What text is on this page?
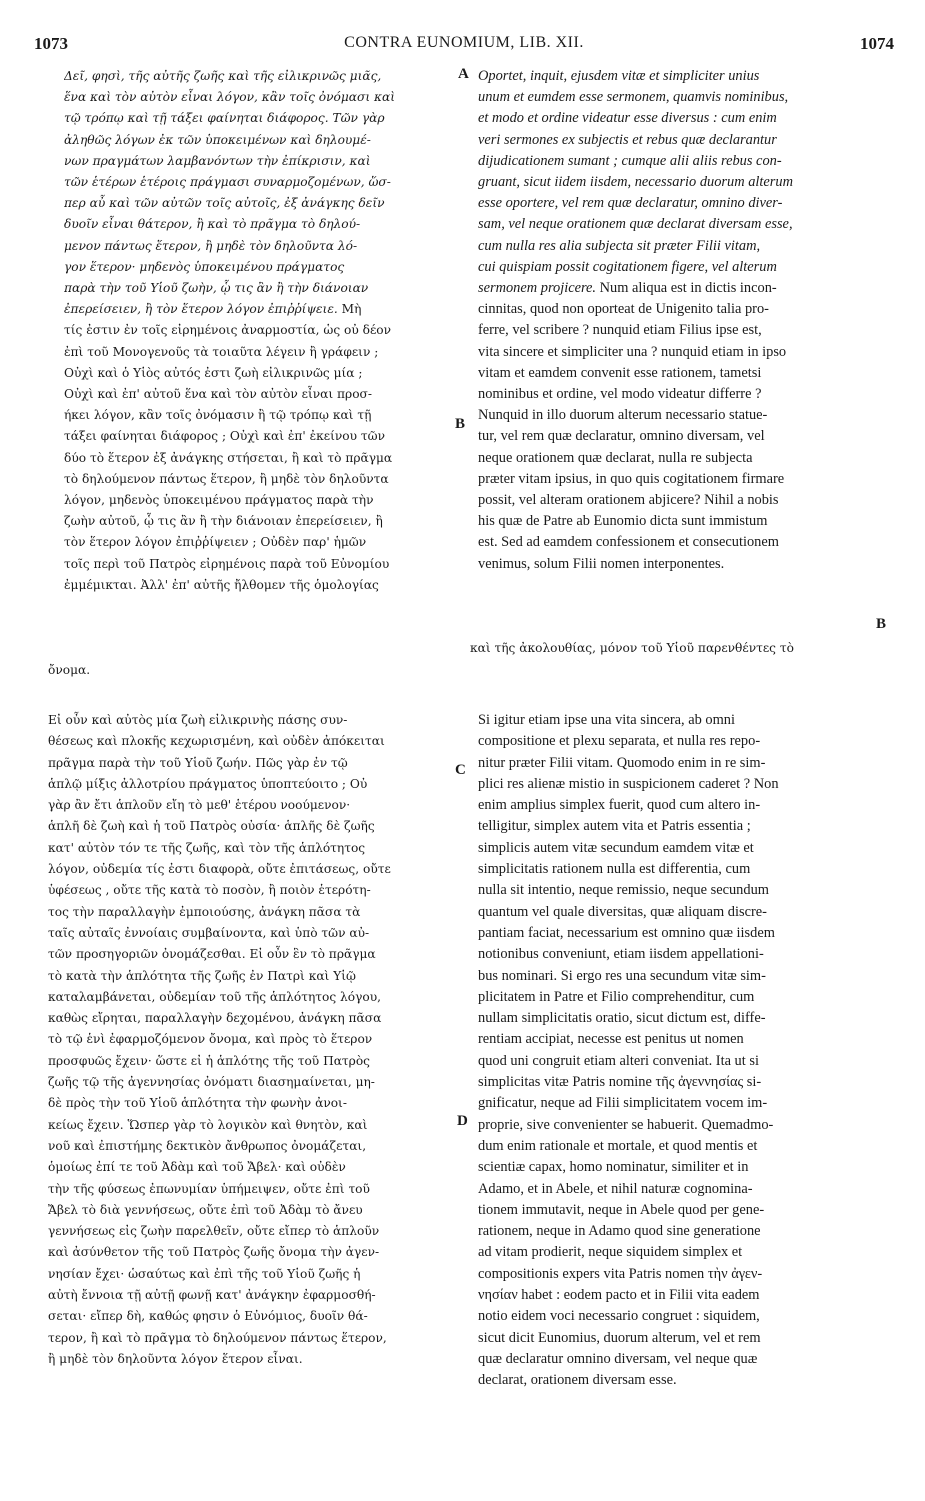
1073	CONTRA EUNOMIUM, LIB. XII.	1074
A
B
B
C
D
Δεῖ, φησὶ, τῆς αὐτῆς ζωῆς καὶ τῆς εἰλικρινῶς μιᾶς,
ἕνα καὶ τὸν αὐτὸν εἶναι λόγον, κἂν τοῖς ὀνόμασι καὶ
τῷ τρόπῳ καὶ τῇ τάξει φαίνηται διάφορος. Τῶν γὰρ
ἀληθῶς λόγων ἐκ τῶν ὑποκειμένων καὶ δηλουμέ-
νων πραγμάτων λαμβανόντων τὴν ἐπίκρισιν, καὶ
τῶν ἑτέρων ἑτέροις πράγμασι συναρμοζομένων, ὥσ-
περ αὖ καὶ τῶν αὐτῶν τοῖς αὐτοῖς, ἐξ ἀνάγκης δεῖν
δυοῖν εἶναι θάτερον, ἢ καὶ τὸ πρᾶγμα τὸ δηλού-
μενον πάντως ἕτερον, ἢ μηδὲ τὸν δηλοῦντα λό-
γον ἕτερον· μηδενὸς ὑποκειμένου πράγματος
παρὰ τὴν τοῦ Υἱοῦ ζωὴν, ᾧ τις ἂν ἢ τὴν διάνοιαν
ἐπερείσειεν, ἢ τὸν ἕτερον λόγον ἐπιῤῥίψειε. Μὴ
τίς ἐστιν ἐν τοῖς εἰρημένοις ἀναρμοστία, ὡς οὐ δέον
ἐπὶ τοῦ Μονογενοῦς τὰ τοιαῦτα λέγειν ἢ γράφειν ;
Οὐχὶ καὶ ὁ Υἱὸς αὐτός ἐστι ζωὴ εἰλικρινῶς μία ;
Οὐχὶ καὶ ἐπ' αὐτοῦ ἕνα καὶ τὸν αὐτὸν εἶναι προσ-
ήκει λόγον, κἂν τοῖς ὀνόμασιν ἢ τῷ τρόπῳ καὶ τῇ
τάξει φαίνηται διάφορος ; Οὐχὶ καὶ ἐπ' ἐκείνου τῶν
δύο τὸ ἕτερον ἐξ ἀνάγκης στήσεται, ἢ καὶ τὸ πρᾶγμα
τὸ δηλούμενον πάντως ἕτερον, ἢ μηδὲ τὸν δηλοῦντα
λόγον, μηδενὸς ὑποκειμένου πράγματος παρὰ τὴν
ζωὴν αὐτοῦ, ᾧ τις ἂν ἢ τὴν διάνοιαν ἐπερείσειεν, ἢ
τὸν ἕτερον λόγον ἐπιῤῥίψειεν ; Οὐδὲν παρ' ἡμῶν
τοῖς περὶ τοῦ Πατρὸς εἰρημένοις παρὰ τοῦ Εὐνομίου
ἐμμέμικται. Ἀλλ' ἐπ' αὐτῆς ἤλθομεν τῆς ὁμολογίας
Oportet, inquit, ejusdem vitæ et simpliciter unius
unum et eumdem esse sermonem, quamvis nominibus,
et modo et ordine videatur esse diversus : cum enim
veri sermones ex subjectis et rebus quæ declarantur
dijudicationem sumant ; cumque alii aliis rebus con-
gruant, sicut iidem iisdem, necessario duorum alterum
esse oportere, vel rem quæ declaratur, omnino diver-
sam, vel neque orationem quæ declarat diversam esse,
cum nulla res alia subjecta sit præter Filii vitam,
cui quispiam possit cogitationem figere, vel alterum
sermonem projicere. Num aliqua est in dictis incon-
cinnitas, quod non oporteat de Unigenito talia pro-
ferre, vel scribere ? nunquid etiam Filius ipse est,
vita sincere et simpliciter una ? nunquid etiam in ipso
vitam et eamdem convenit esse rationem, tametsi
nominibus et ordine, vel modo videatur differre ?
Nunquid in illo duorum alterum necessario statue-
tur, vel rem quæ declaratur, omnino diversam, vel
neque orationem quæ declarat, nulla re subjecta
præter vitam ipsius, in quo quis cogitationem firmare
possit, vel alteram orationem abjicere? Nihil a nobis
his quæ de Patre ab Eunomio dicta sunt immistum
est. Sed ad eamdem confessionem et consecutionem
venimus, solum Filii nomen interponentes.
καὶ τῆς ἀκολουθίας, μόνον τοῦ Υἱοῦ παρενθέντες τὸ
ὄνομα.
Εἰ οὖν καὶ αὐτὸς μία ζωὴ εἰλικρινὴς πάσης συν-
θέσεως καὶ πλοκῆς κεχωρισμένη, καὶ οὐδὲν ἀπόκειται
πρᾶγμα παρὰ τὴν τοῦ Υἱοῦ ζωήν. Πῶς γὰρ ἐν τῷ
ἁπλῷ μίξις ἀλλοτρίου πράγματος ὑποπτεύοιτο ; Οὐ
γὰρ ἂν ἔτι ἁπλοῦν εἴη τὸ μεθ' ἑτέρου νοούμενον·
ἁπλῆ δὲ ζωὴ καὶ ἡ τοῦ Πατρὸς οὐσία· ἁπλῆς δὲ ζωῆς
κατ' αὐτὸν τόν τε τῆς ζωῆς, καὶ τὸν τῆς ἁπλότητος
λόγον, οὐδεμία τίς ἐστι διαφορὰ, οὔτε ἐπιτάσεως, οὔτε
ὑφέσεως , οὔτε τῆς κατὰ τὸ ποσὸν, ἢ ποιὸν ἑτερότη-
τος τὴν παραλλαγὴν ἐμποιούσης, ἀνάγκη πᾶσα τὰ
ταῖς αὐταῖς ἐννοίαις συμβαίνοντα, καὶ ὑπὸ τῶν αὐ-
τῶν προσηγοριῶν ὀνομάζεσθαι. Εἰ οὖν ἓν τὸ πρᾶγμα
τὸ κατὰ τὴν ἁπλότητα τῆς ζωῆς ἐν Πατρὶ καὶ Υἱῷ
καταλαμβάνεται, οὐδεμίαν τοῦ τῆς ἁπλότητος λόγου,
καθὼς εἴρηται, παραλλαγὴν δεχομένου, ἀνάγκη πᾶσα
τὸ τῷ ἑνὶ ἐφαρμοζόμενον ὄνομα, καὶ πρὸς τὸ ἕτερον
προσφυῶς ἔχειν· ὥστε εἰ ἡ ἁπλότης τῆς τοῦ Πατρὸς
ζωῆς τῷ τῆς ἀγεννησίας ὀνόματι διασημαίνεται, μη-
δὲ πρὸς τὴν τοῦ Υἱοῦ ἁπλότητα τὴν φωνὴν ἀνοι-
κείως ἔχειν. Ὥσπερ γὰρ τὸ λογικὸν καὶ θνητὸν, καὶ
νοῦ καὶ ἐπιστήμης δεκτικὸν ἄνθρωπος ὀνομάζεται,
ὁμοίως ἐπί τε τοῦ Ἀδὰμ καὶ τοῦ Ἄβελ· καὶ οὐδὲν
τὴν τῆς φύσεως ἐπωνυμίαν ὑπήμειψεν, οὔτε ἐπὶ τοῦ
Ἄβελ τὸ διὰ γεννήσεως, οὔτε ἐπὶ τοῦ Ἀδὰμ τὸ ἄνευ
γεννήσεως εἰς ζωὴν παρελθεῖν, οὔτε εἴπερ τὸ ἁπλοῦν
καὶ ἀσύνθετον τῆς τοῦ Πατρὸς ζωῆς ὄνομα τὴν ἀγεν-
νησίαν ἔχει· ὡσαύτως καὶ ἐπὶ τῆς τοῦ Υἱοῦ ζωῆς ἡ
αὐτὴ ἔννοια τῇ αὐτῇ φωνῇ κατ' ἀνάγκην ἐφαρμοσθή-
σεται· εἴπερ δὴ, καθώς φησιν ὁ Εὐνόμιος, δυοῖν θά-
τερον, ἢ καὶ τὸ πρᾶγμα τὸ δηλούμενον πάντως ἕτερον,
ἢ μηδὲ τὸν δηλοῦντα λόγον ἕτερον εἶναι.
Si igitur etiam ipse una vita sincera, ab omni
compositione et plexu separata, et nulla res repo-
nitur præter Filii vitam. Quomodo enim in re sim-
plici res alienæ mistio in suspicionem caderet ? Non
enim amplius simplex fuerit, quod cum altero in-
telligitur, simplex autem vita et Patris essentia ;
simplicis autem vitæ secundum eamdem vitæ et
simplicitatis rationem nulla est differentia, cum
nulla sit intentio, neque remissio, neque secundum
quantum vel quale diversitas, quæ aliquam discre-
pantiam faciat, necessarium est omnino quæ iisdem
notionibus conveniunt, etiam iisdem appellationi-
bus nominari. Si ergo res una secundum vitæ sim-
plicitatem in Patre et Filio comprehenditur, cum
nullam simplicitatis oratio, sicut dictum est, diffe-
rentiam accipiat, necesse est penitus ut nomen
quod uni congruit etiam alteri conveniat. Ita ut si
simplicitas vitæ Patris nomine τῆς ἀγεννησίας si-
gnificatur, neque ad Filii simplicitatem vocem im-
proprie, sive convenienter se habuerit. Quemadmo-
dum enim rationale et mortale, et quod mentis et
scientiæ capax, homo nominatur, similiter et in
Adamo, et in Abele, et nihil naturæ cognomina-
tionem immutavit, neque in Abele quod per gene-
rationem, neque in Adamo quod sine generatione
ad vitam prodierit, neque siquidem simplex et
compositionis expers vita Patris nomen τὴν ἀγεν-
νησίαν habet : eodem pacto et in Filii vita eadem
notio eidem voci necessario congruet : siquidem,
sicut dicit Eunomius, duorum alterum, vel et rem
quæ declaratur omnino diversam, vel neque quæ
declarat, orationem diversam esse.
